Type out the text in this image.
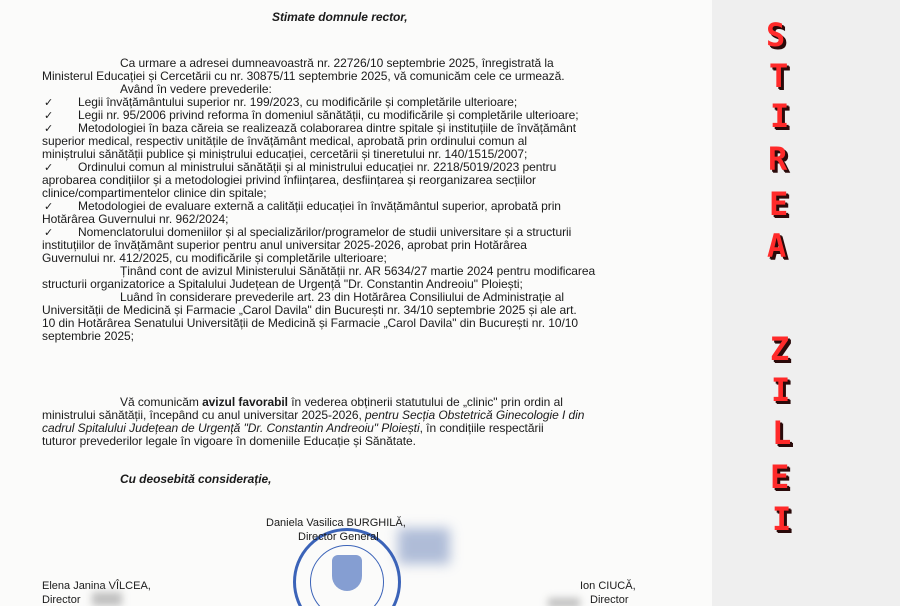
Stimate domnule rector,
Ca urmare a adresei dumneavoastră nr. 22726/10 septembrie 2025, înregistrată la
Ministerul Educației și Cercetării cu nr. 30875/11 septembrie 2025, vă comunicăm cele ce urmează.
Având în vedere prevederile:
✓ Legii învățământului superior nr. 199/2023, cu modificările și completările ulterioare;
✓ Legii nr. 95/2006 privind reforma în domeniul sănătății, cu modificările și completările ulterioare;
✓ Metodologiei în baza căreia se realizează colaborarea dintre spitale și instituțiile de învățământ
superior medical, respectiv unitățile de învățământ medical, aprobată prin ordinului comun al
miniștrului sănătății publice și miniștrului educației, cercetării și tineretului nr. 140/1515/2007;
✓ Ordinului comun al ministrului sănătății și al ministrului educației nr. 2218/5019/2023 pentru
aprobarea condițiilor și a metodologiei privind înființarea, desființarea și reorganizarea secțiilor
clinice/compartimentelor clinice din spitale;
✓ Metodologiei de evaluare externă a calității educației în învățământul superior, aprobată prin
Hotărârea Guvernului nr. 962/2024;
✓ Nomenclatorului domeniilor și al specializărilor/programelor de studii universitare și a structurii
instituțiilor de învățământ superior pentru anul universitar 2025-2026, aprobat prin Hotărârea
Guvernului nr. 412/2025, cu modificările și completările ulterioare;
Ținând cont de avizul Ministerului Sănătății nr. AR 5634/27 martie 2024 pentru modificarea
structurii organizatorice a Spitalului Județean de Urgență "Dr. Constantin Andreoiu" Ploiești;
Luând în considerare prevederile art. 23 din Hotărârea Consiliului de Administrație al
Universității de Medicină și Farmacie „Carol Davila" din București nr. 34/10 septembrie 2025 și ale art.
10 din Hotărârea Senatului Universității de Medicină și Farmacie „Carol Davila" din București nr. 10/10
septembrie 2025;
Vă comunicăm avizul favorabil în vederea obținerii statutului de „clinic" prin ordin al
ministrului sănătății, începând cu anul universitar 2025-2026, pentru Secția Obstetrică Ginecologie I din
cadrul Spitalului Județean de Urgență "Dr. Constantin Andreoiu" Ploiești, în condițiile respectării
tuturor prevederilor legale în vigoare în domeniile Educație și Sănătate.
Cu deosebită considerație,
Daniela Vasilica BURGHILĂ,
Director General
Elena Janina VÎLCEA,
Director
Ion CIUCĂ,
Director
S
T
I
R
E
A
Z
I
L
E
I
